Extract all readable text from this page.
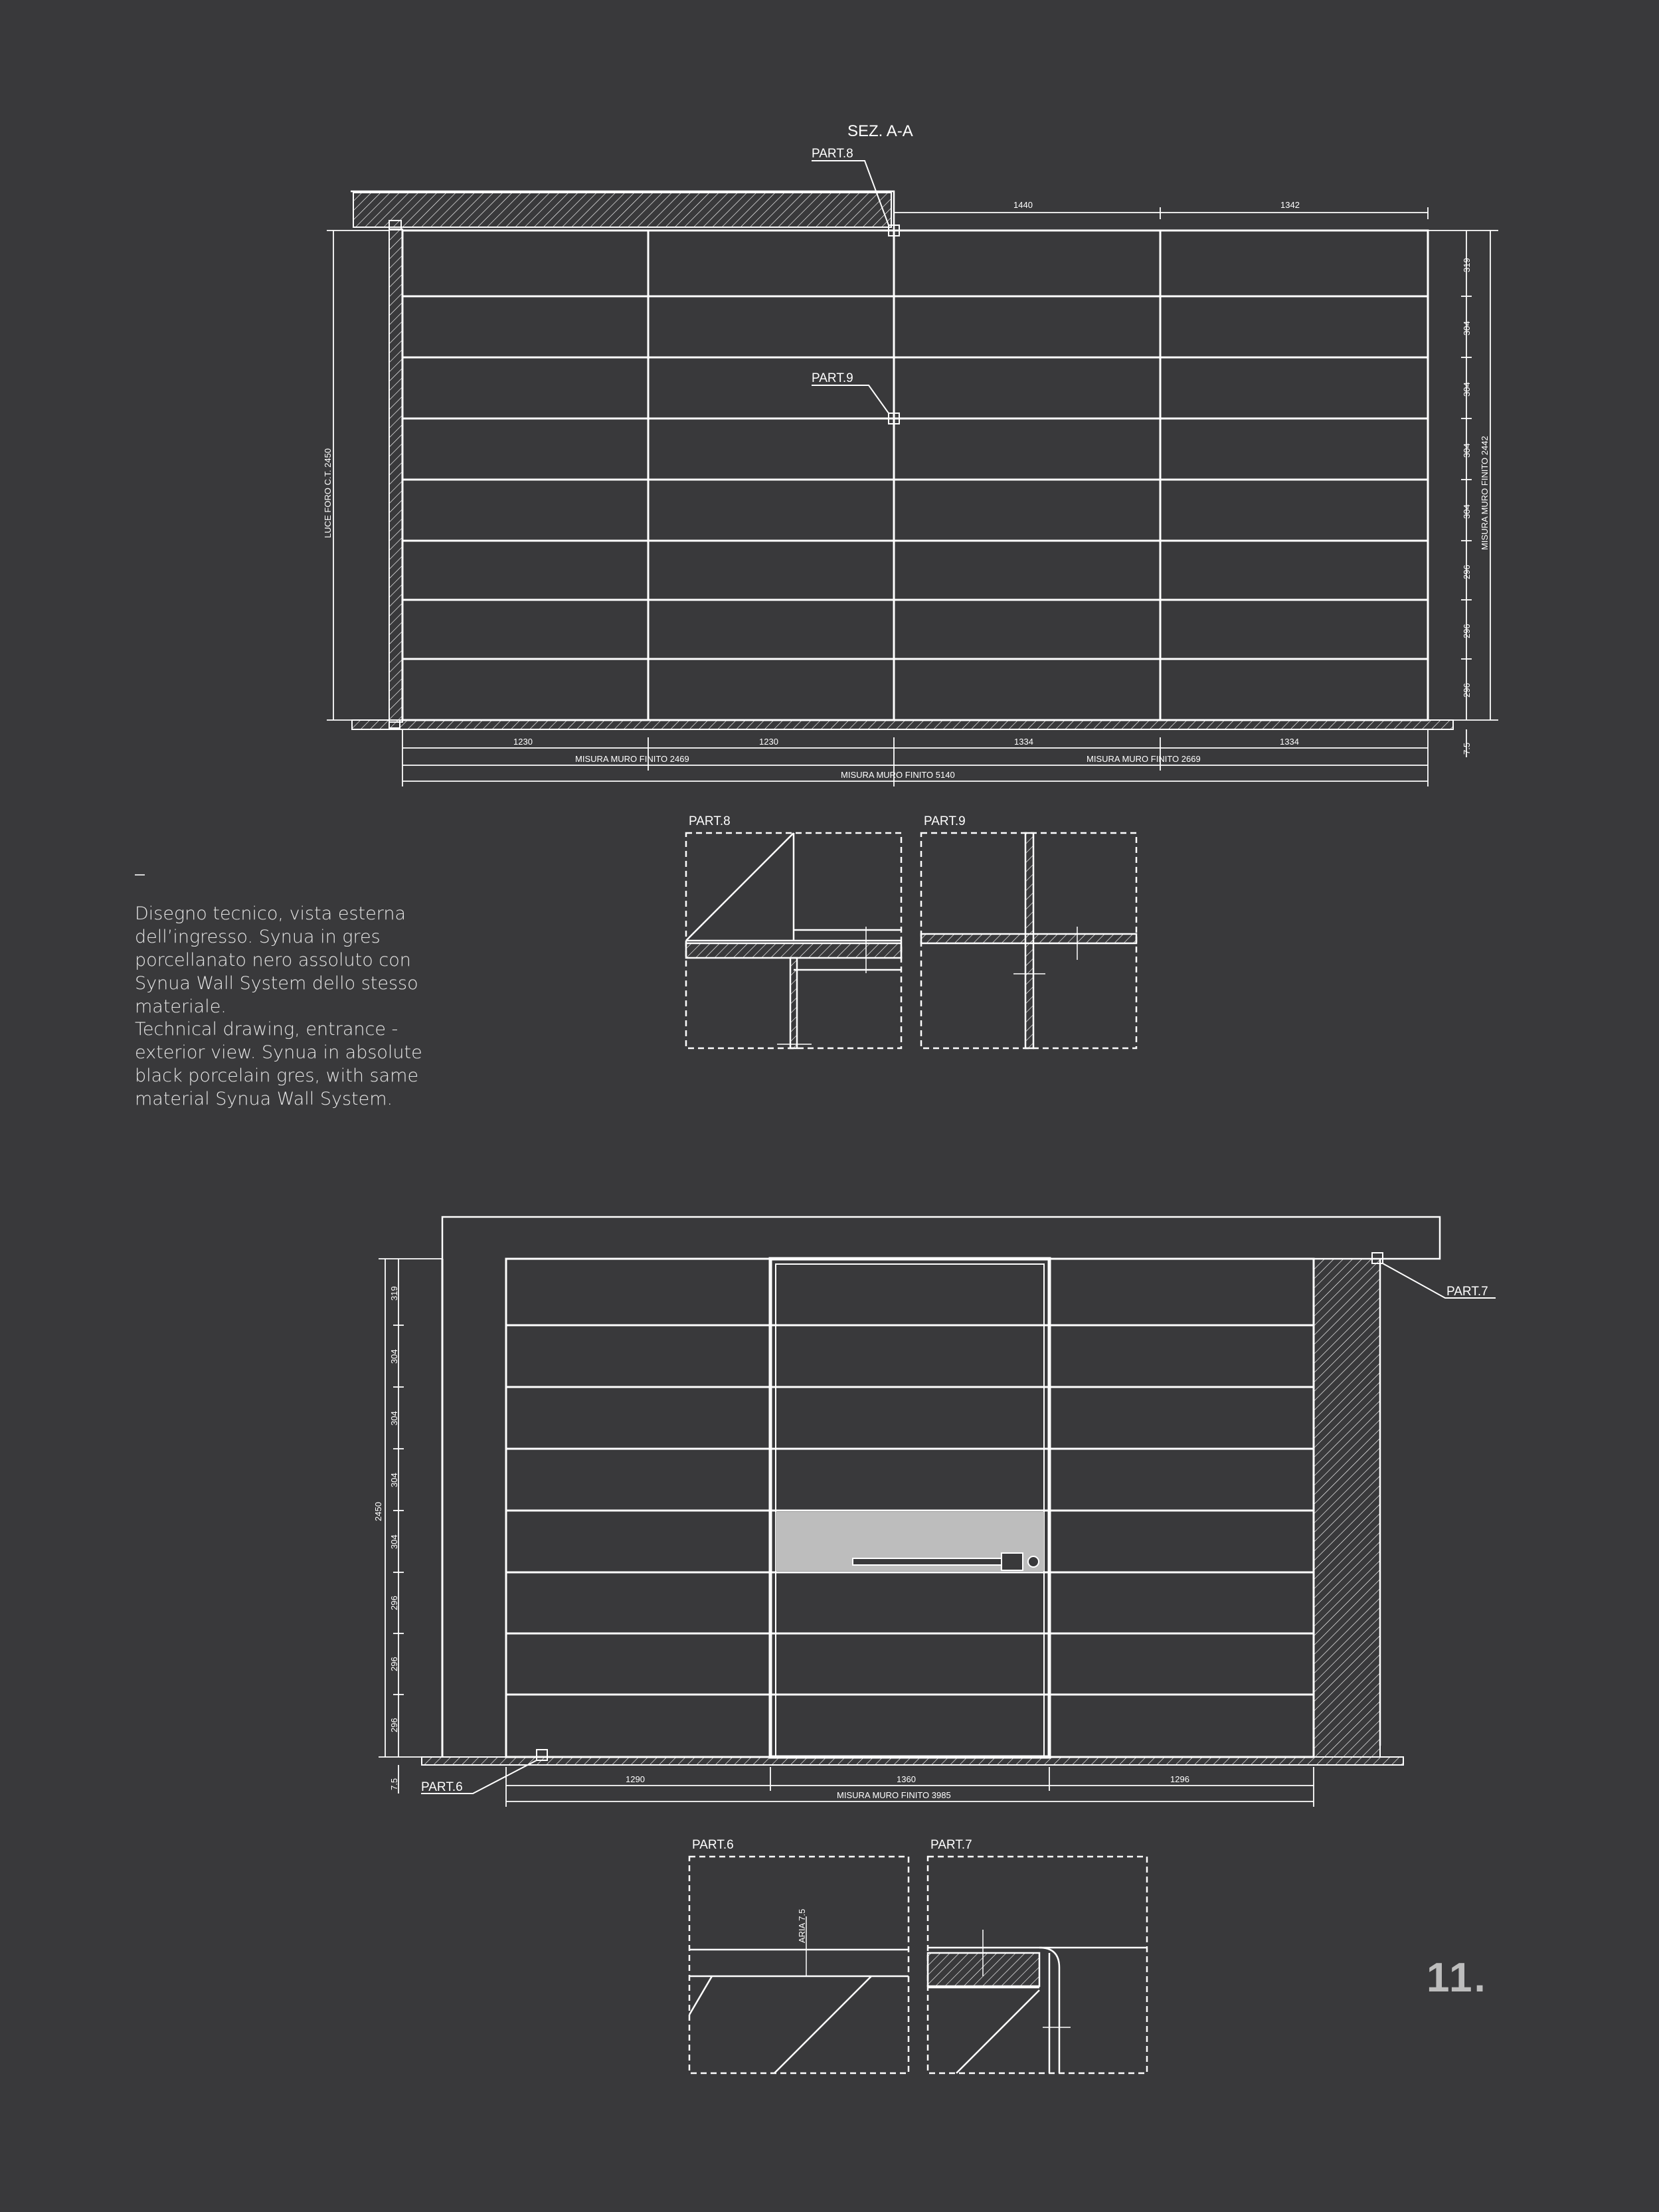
–

Disegno tecnico, vista esterna dell’ingresso. Synua in gres porcellanato nero assoluto con Synua Wall System dello stesso materiale.

Technical drawing, entrance - exterior view. Synua in absolute black porcelain gres, with same material Synua Wall System.

11.
SEZ. A-A
PART.8
PART.9
1440	1342
319
304
304
304
304
296
296
296
MISURA MURO FINITO 2442
7.5
LUCE FORO C.T. 2450
1230	1230	1334	1334
MISURA MURO FINITO 2469	MISURA MURO FINITO 2669
MISURA MURO FINITO 5140
PART.8	PART.9
PART.7
PART.6
2450
319
304
304
304
304
296
296
296
7.5	1290	1360	1296
MISURA MURO FINITO 3985
PART.6
ARIA 7.5
PART.7
